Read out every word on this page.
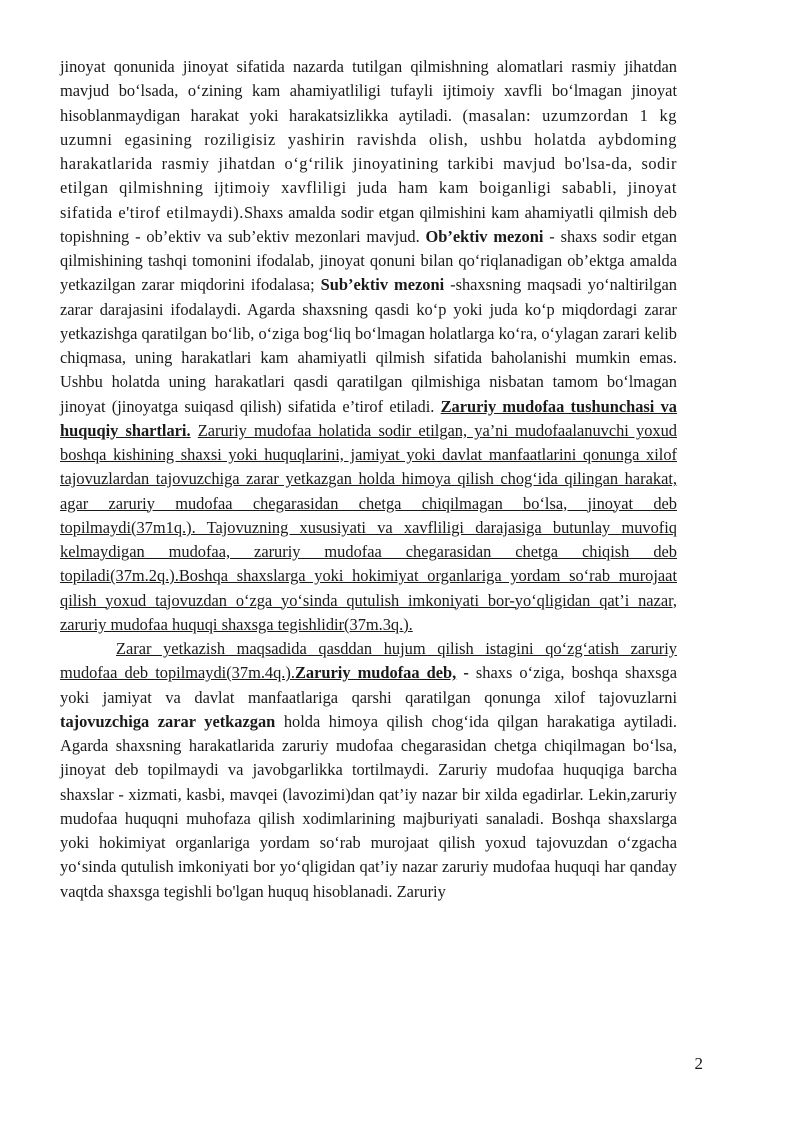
jinoyat qonunida jinoyat sifatida nazarda tutilgan qilmishning alomatlari rasmiy jihatdan mavjud bo‘lsada, o‘zining kam ahamiyatliligi tufayli ijtimoiy xavfli bo‘lmagan jinoyat hisoblanmaydigan harakat yoki harakatsizlikka aytiladi. (masalan: uzumzordan 1 kg uzumni egasining roziligisiz yashirin ravishda olish, ushbu holatda aybdoming harakatlarida rasmiy jihatdan o‘g‘rilik jinoyatining tarkibi mavjud bo'lsa-da, sodir etilgan qilmishning ijtimoiy xavfliligi juda ham kam boiganligi sababli, jinoyat sifatida e'tirof etilmaydi).Shaxs amalda sodir etgan qilmishini kam ahamiyatli qilmish deb topishning - ob’ektiv va sub’ektiv mezonlari mavjud. Ob’ektiv mezoni - shaxs sodir etgan qilmishining tashqi tomonini ifodalab, jinoyat qonuni bilan qo‘riqlanadigan ob’ektga amalda yetkazilgan zarar miqdorini ifodalasa; Sub’ektiv mezoni -shaxsning maqsadi yo‘naltirilgan zarar darajasini ifodalaydi. Agarda shaxsning qasdi ko‘p yoki juda ko‘p miqdordagi zarar yetkazishga qaratilgan bo‘lib, o‘ziga bog‘liq bo‘lmagan holatlarga ko‘ra, o‘ylagan zarari kelib chiqmasa, uning harakatlari kam ahamiyatli qilmish sifatida baholanishi mumkin emas. Ushbu holatda uning harakatlari qasdi qaratilgan qilmishiga nisbatan tamom bo‘lmagan jinoyat (jinoyatga suiqasd qilish) sifatida e’tirof etiladi. Zaruriy mudofaa tushunchasi va huquqiy shartlari. Zaruriy mudofaa holatida sodir etilgan, ya’ni mudofaalanuvchi yoxud boshqa kishining shaxsi yoki huquqlarini, jamiyat yoki davlat manfaatlarini qonunga xilof tajovuzlardan tajovuzchiga zarar yetkazgan holda himoya qilish chog‘ida qilingan harakat, agar zaruriy mudofaa chegarasidan chetga chiqilmagan bo‘lsa, jinoyat deb topilmaydi(37m1q.). Tajovuzning xususiyati va xavfliligi darajasiga butunlay muvofiq kelmaydigan mudofaa, zaruriy mudofaa chegarasidan chetga chiqish deb topiladi(37m.2q.).Boshqa shaxslarga yoki hokimiyat organlariga yordam so‘rab murojaat qilish yoxud tajovuzdan o‘zga yo‘sinda qutulish imkoniyati bor-yo‘qligidan qat’i nazar, zaruriy mudofaa huquqi shaxsga tegishlidir(37m.3q.).

Zarar yetkazish maqsadida qasddan hujum qilish istagini qo‘zg‘atish zaruriy mudofaa deb topilmaydi(37m.4q.).Zaruriy mudofaa deb, - shaxs o‘ziga, boshqa shaxsga yoki jamiyat va davlat manfaatlariga qarshi qaratilgan qonunga xilof tajovuzlarni tajovuzchiga zarar yetkazgan holda himoya qilish chog‘ida qilgan harakatiga aytiladi. Agarda shaxsning harakatlarida zaruriy mudofaa chegarasidan chetga chiqilmagan bo‘lsa, jinoyat deb topilmaydi va javobgarlikka tortilmaydi. Zaruriy mudofaa huquqiga barcha shaxslar - xizmati, kasbi, mavqei (lavozimi)dan qat’iy nazar bir xilda egadirlar. Lekin,zaruriy mudofaa huquqni muhofaza qilish xodimlarining majburiyati sanaladi. Boshqa shaxslarga yoki hokimiyat organlariga yordam so‘rab murojaat qilish yoxud tajovuzdan o‘zgacha yo‘sinda qutulish imkoniyati bor yo‘qligidan qat’iy nazar zaruriy mudofaa huquqi har qanday vaqtda shaxsga tegishli bo'lgan huquq hisoblanadi. Zaruriy

2
